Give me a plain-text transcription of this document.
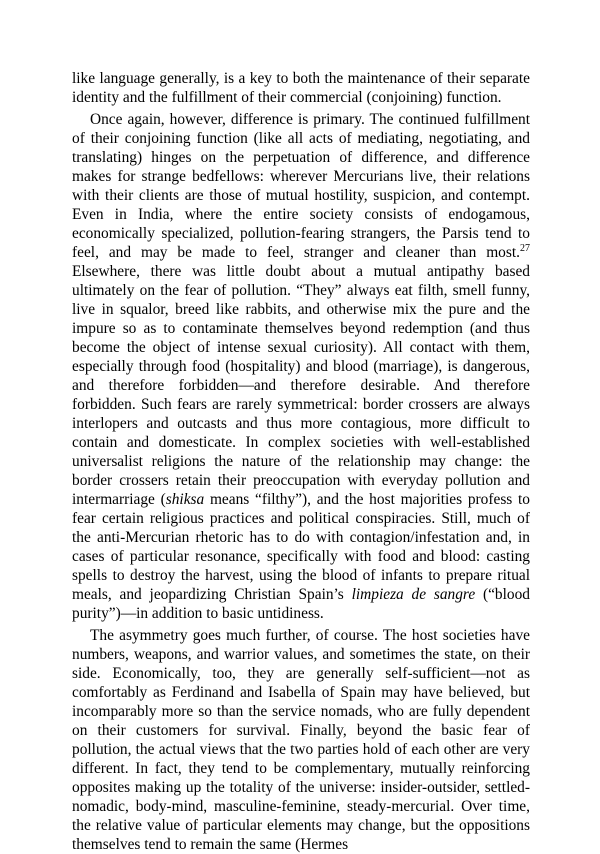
like language generally, is a key to both the maintenance of their separate identity and the fulfillment of their commercial (conjoining) function.

Once again, however, difference is primary. The continued fulfillment of their conjoining function (like all acts of mediating, negotiating, and translating) hinges on the perpetuation of difference, and difference makes for strange bedfellows: wherever Mercurians live, their relations with their clients are those of mutual hostility, suspicion, and contempt. Even in India, where the entire society consists of endogamous, economically specialized, pollution-fearing strangers, the Parsis tend to feel, and may be made to feel, stranger and cleaner than most.$^{27}$ Elsewhere, there was little doubt about a mutual antipathy based ultimately on the fear of pollution. “They” always eat filth, smell funny, live in squalor, breed like rabbits, and otherwise mix the pure and the impure so as to contaminate themselves beyond redemption (and thus become the object of intense sexual curiosity). All contact with them, especially through food (hospitality) and blood (marriage), is dangerous, and therefore forbidden—and therefore desirable. And therefore forbidden. Such fears are rarely symmetrical: border crossers are always interlopers and outcasts and thus more contagious, more difficult to contain and domesticate. In complex societies with well-established universalist religions the nature of the relationship may change: the border crossers retain their preoccupation with everyday pollution and intermarriage (shiksa means “filthy”), and the host majorities profess to fear certain religious practices and political conspiracies. Still, much of the anti-Mercurian rhetoric has to do with contagion/infestation and, in cases of particular resonance, specifically with food and blood: casting spells to destroy the harvest, using the blood of infants to prepare ritual meals, and jeopardizing Christian Spain’s limpieza de sangre (“blood purity”)—in addition to basic untidiness.

The asymmetry goes much further, of course. The host societies have numbers, weapons, and warrior values, and sometimes the state, on their side. Economically, too, they are generally self-sufficient—not as comfortably as Ferdinand and Isabella of Spain may have believed, but incomparably more so than the service nomads, who are fully dependent on their customers for survival. Finally, beyond the basic fear of pollution, the actual views that the two parties hold of each other are very different. In fact, they tend to be complementary, mutually reinforcing opposites making up the totality of the universe: insider-outsider, settled-nomadic, body-mind, masculine-feminine, steady-mercurial. Over time, the relative value of particular elements may change, but the oppositions themselves tend to remain the same (Hermes
